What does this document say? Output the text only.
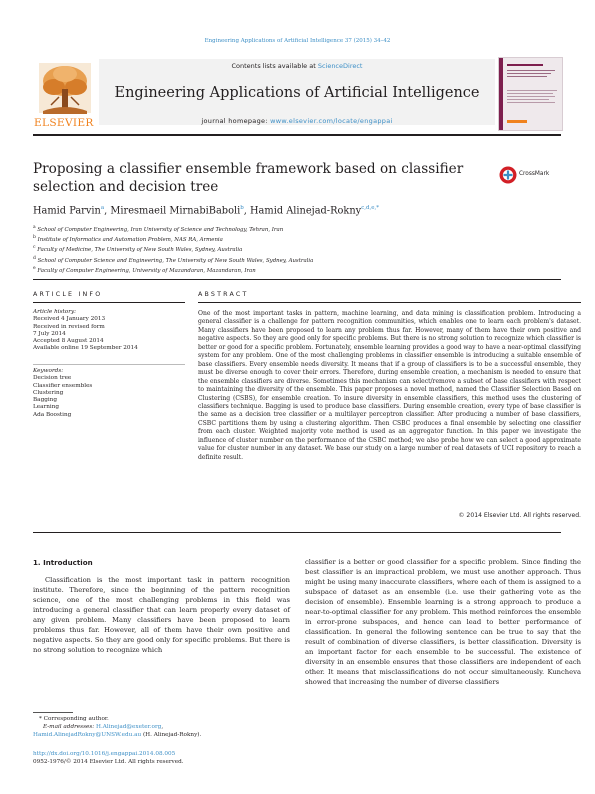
Engineering Applications of Artificial Intelligence 37 (2015) 34–42
ELSEVIER
Contents lists available at ScienceDirect
Engineering Applications of Artificial Intelligence
journal homepage: www.elsevier.com/locate/engappai
Proposing a classifier ensemble framework based on classifier selection and decision tree
CrossMark
Hamid Parvin$^a$, Miresmaeil MirnabiBaboli$^b$, Hamid Alinejad-Rokny$^{c,d,e,*}$
$^a$ School of Computer Engineering, Iran University of Science and Technology, Tehran, Iran
$^b$ Institute of Informatics and Automation Problem, NAS RA, Armenia
$^c$ Faculty of Medicine, The University of New South Wales, Sydney, Australia
$^d$ School of Computer Science and Engineering, The University of New South Wales, Sydney, Australia
$^e$ Faculty of Computer Engineering, University of Mazandaran, Mazandaran, Iran
ARTICLE INFO
Article history:
Received 4 January 2013
Received in revised form
7 July 2014
Accepted 8 August 2014
Available online 19 September 2014
Keywords:
Decision tree
Classifier ensembles
Clustering
Bagging
Learning
Ada Boosting
ABSTRACT
One of the most important tasks in pattern, machine learning, and data mining is classification problem. Introducing a general classifier is a challenge for pattern recognition communities, which enables one to learn each problem's dataset. Many classifiers have been proposed to learn any problem thus far. However, many of them have their own positive and negative aspects. So they are good only for specific problems. But there is no strong solution to recognize which classifier is better or good for a specific problem. Fortunately, ensemble learning provides a good way to have a near-optimal classifying system for any problem. One of the most challenging problems in classifier ensemble is introducing a suitable ensemble of base classifiers. Every ensemble needs diversity. It means that if a group of classifiers is to be a successful ensemble, they must be diverse enough to cover their errors. Therefore, during ensemble creation, a mechanism is needed to ensure that the ensemble classifiers are diverse. Sometimes this mechanism can select/remove a subset of base classifiers with respect to maintaining the diversity of the ensemble. This paper proposes a novel method, named the Classifier Selection Based on Clustering (CSBS), for ensemble creation. To insure diversity in ensemble classifiers, this method uses the clustering of classifiers technique. Bagging is used to produce base classifiers. During ensemble creation, every type of base classifier is the same as a decision tree classifier or a multilayer perceptron classifier. After producing a number of base classifiers, CSBC partitions them by using a clustering algorithm. Then CSBC produces a final ensemble by selecting one classifier from each cluster. Weighted majority vote method is used as an aggregator function. In this paper we investigate the influence of cluster number on the performance of the CSBC method; we also probe how we can select a good approximate value for cluster number in any dataset. We base our study on a large number of real datasets of UCI repository to reach a definite result.
© 2014 Elsevier Ltd. All rights reserved.
1. Introduction
Classification is the most important task in pattern recognition institute. Therefore, since the beginning of the pattern recognition science, one of the most challenging problems in this field was introducing a general classifier that can learn properly every dataset of any given problem. Many classifiers have been proposed to learn problems thus far. However, all of them have their own positive and negative aspects. So they are good only for specific problems. But there is no strong solution to recognize which
classifier is a better or good classifier for a specific problem. Since finding the best classifier is an impractical problem, we must use another approach. Thus might be using many inaccurate classifiers, where each of them is assigned to a subspace of dataset as an ensemble (i.e. use their gathering vote as the decision of ensemble). Ensemble learning is a strong approach to produce a near-to-optimal classifier for any problem. This method reinforces the ensemble in error-prone subspaces, and hence can lead to better performance of classification. In general the following sentence can be true to say that the result of combination of diverse classifiers, is better classification. Diversity is an important factor for each ensemble to be successful. The existence of diversity in an ensemble ensures that those classifiers are independent of each other. It means that misclassifications do not occur simultaneously. Kuncheva showed that increasing the number of diverse classifiers
* Corresponding author.
E-mail addresses: H.Alinejad@exeter.org,
Hamid.AlinejadRokny@UNSW.edu.au (H. Alinejad-Rokny).
http://dx.doi.org/10.1016/j.engappai.2014.08.005
0952-1976/© 2014 Elsevier Ltd. All rights reserved.
